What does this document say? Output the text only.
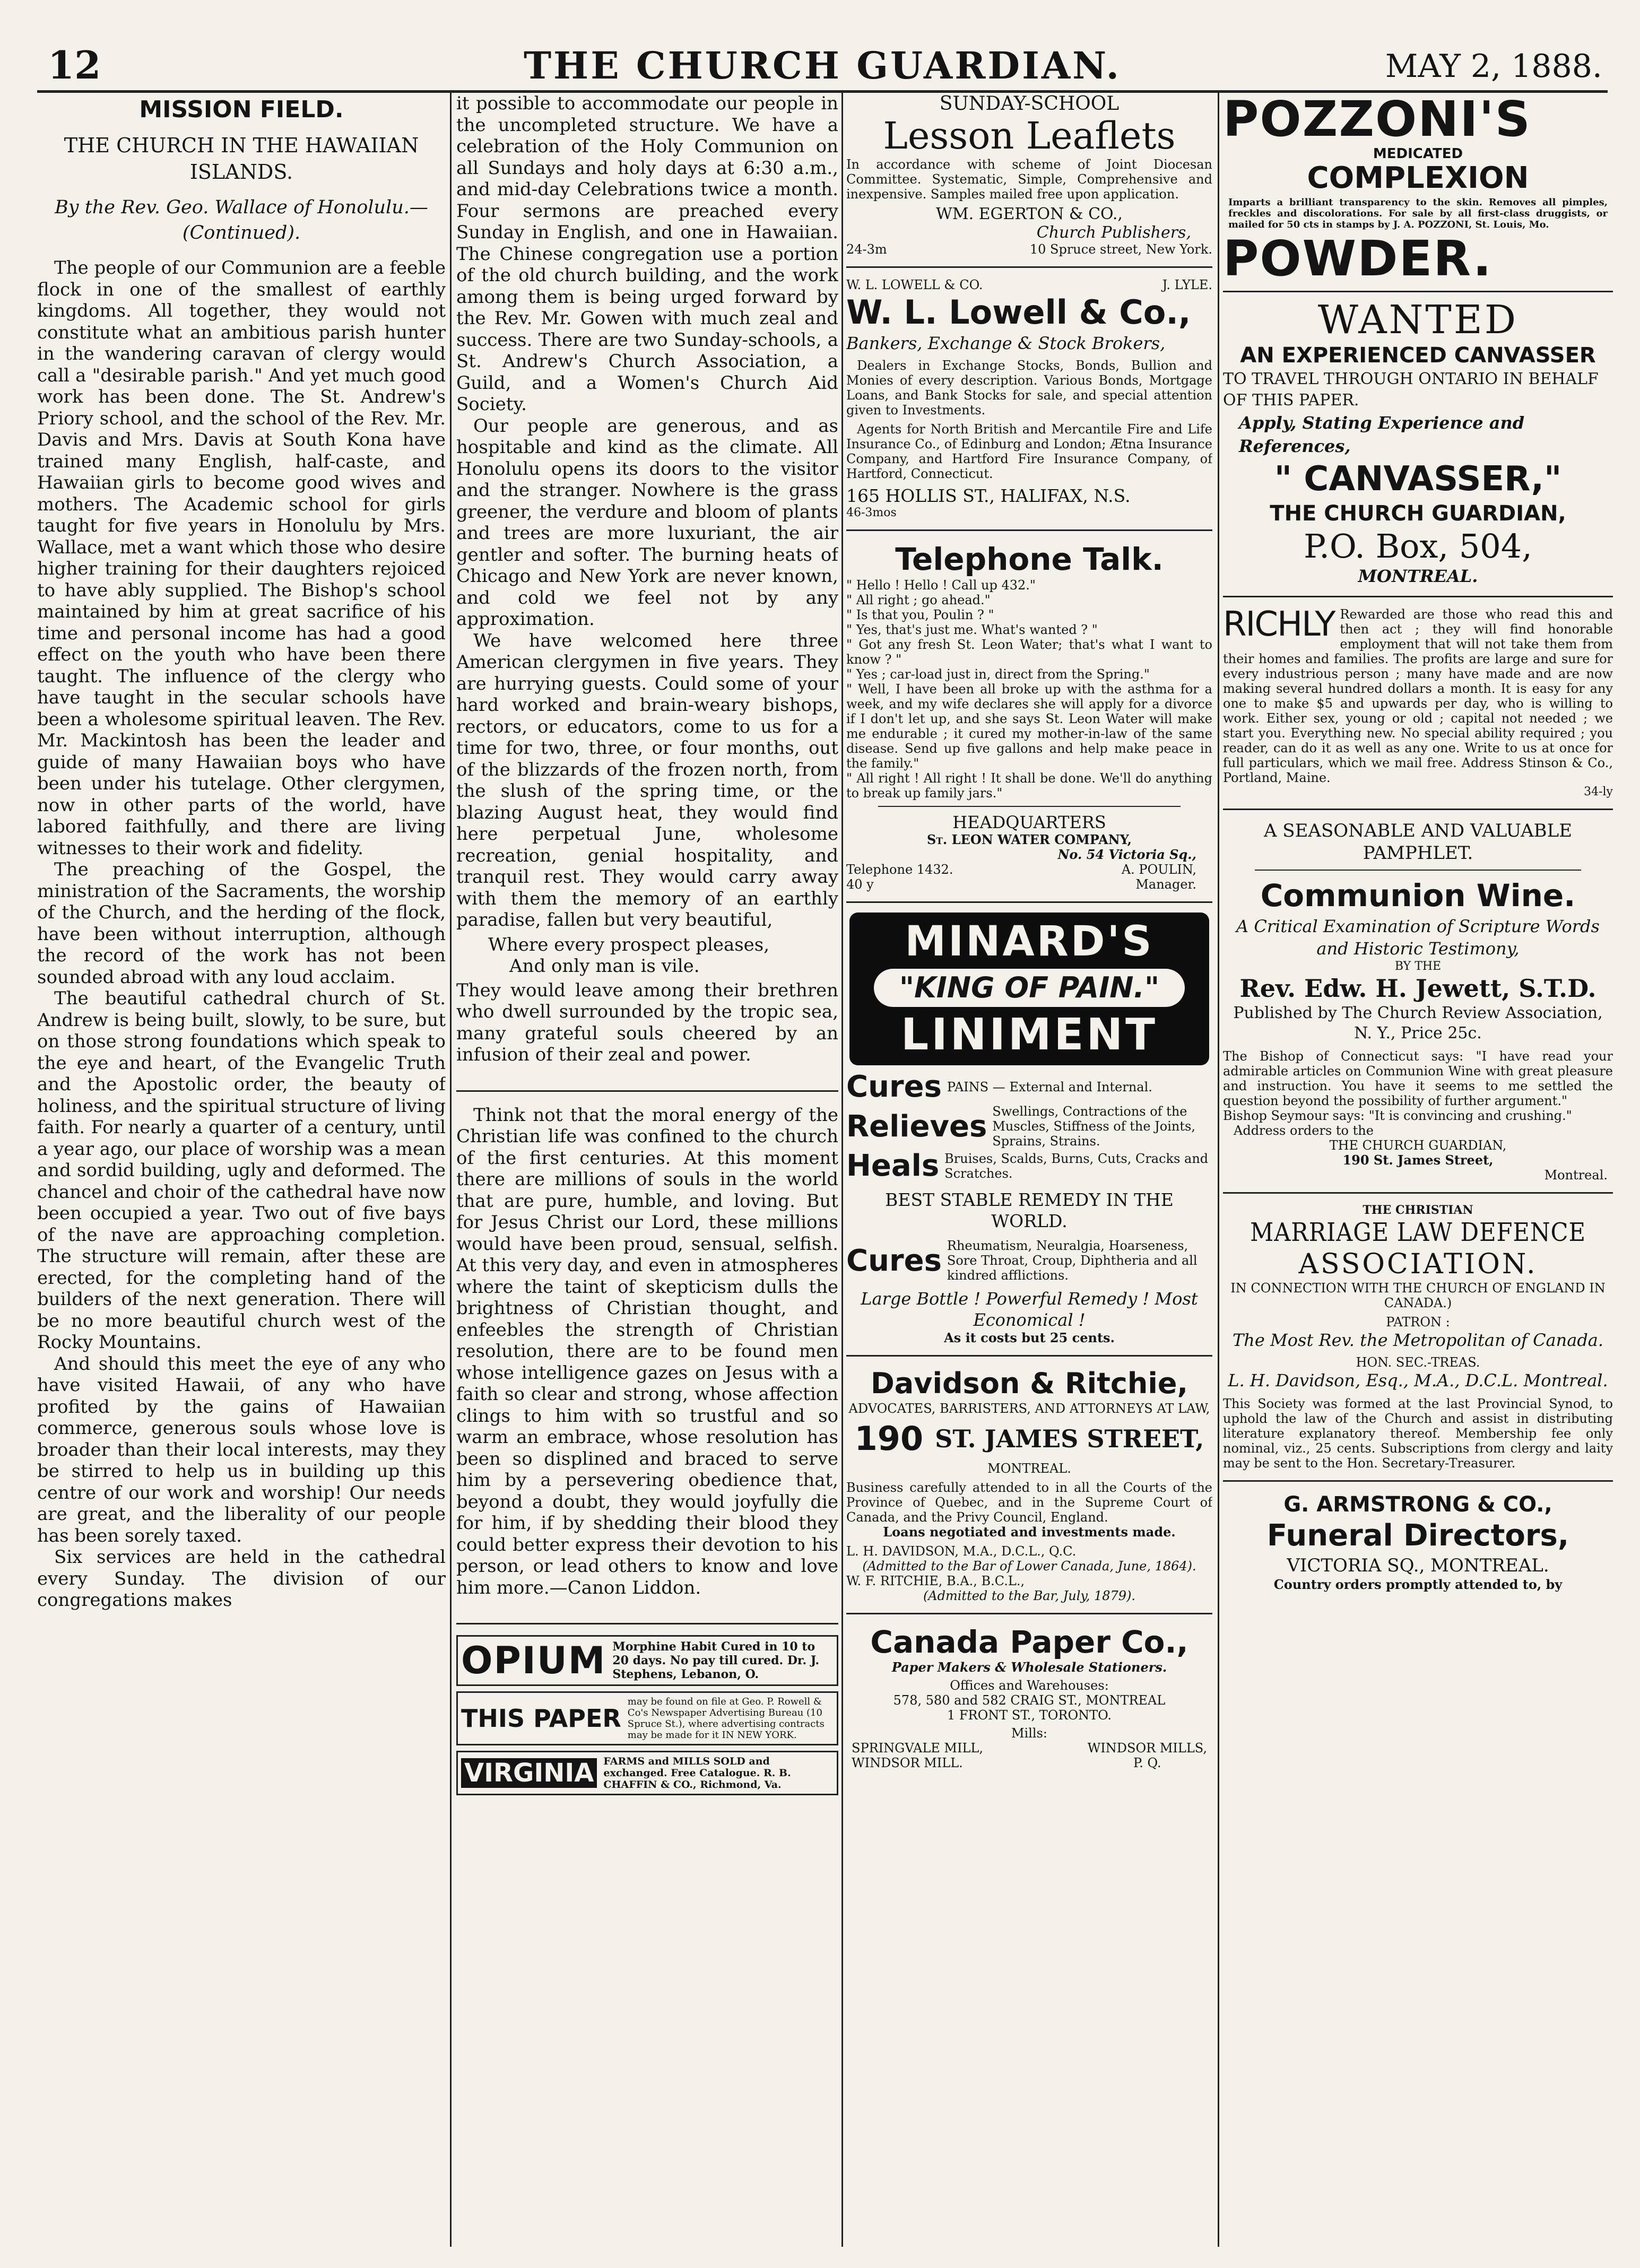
12	THE CHURCH GUARDIAN.	MAY 2, 1888.
MISSION FIELD.
THE CHURCH IN THE HAWAIIAN ISLANDS.
By the Rev. Geo. Wallace of Honolulu.—(Continued).

The people of our Communion are a feeble flock in one of the smallest of earthly kingdoms. All together, they would not constitute what an ambitious parish hunter in the wandering caravan of clergy would call a "desirable parish." And yet much good work has been done. The St. Andrew's Priory school, and the school of the Rev. Mr. Davis and Mrs. Davis at South Kona have trained many English, half-caste, and Hawaiian girls to become good wives and mothers. The Academic school for girls taught for five years in Honolulu by Mrs. Wallace, met a want which those who desire higher training for their daughters rejoiced to have ably supplied. The Bishop's school maintained by him at great sacrifice of his time and personal income has had a good effect on the youth who have been there taught. The influence of the clergy who have taught in the secular schools have been a wholesome spiritual leaven. The Rev. Mr. Mackintosh has been the leader and guide of many Hawaiian boys who have been under his tutelage. Other clergymen, now in other parts of the world, have labored faithfully, and there are living witnesses to their work and fidelity.

The preaching of the Gospel, the ministration of the Sacraments, the worship of the Church, and the herding of the flock, have been without interruption, although the record of the work has not been sounded abroad with any loud acclaim.

The beautiful cathedral church of St. Andrew is being built, slowly, to be sure, but on those strong foundations which speak to the eye and heart, of the Evangelic Truth and the Apostolic order, the beauty of holiness, and the spiritual structure of living faith. For nearly a quarter of a century, until a year ago, our place of worship was a mean and sordid building, ugly and deformed. The chancel and choir of the cathedral have now been occupied a year. Two out of five bays of the nave are approaching completion. The structure will remain, after these are erected, for the completing hand of the builders of the next generation. There will be no more beautiful church west of the Rocky Mountains.

And should this meet the eye of any who have visited Hawaii, of any who have profited by the gains of Hawaiian commerce, generous souls whose love is broader than their local interests, may they be stirred to help us in building up this centre of our work and worship! Our needs are great, and the liberality of our people has been sorely taxed.

Six services are held in the cathedral every Sunday. The division of our congregations makes

it possible to accommodate our people in the uncompleted structure. We have a celebration of the Holy Communion on all Sundays and holy days at 6:30 a.m., and mid-day Celebrations twice a month. Four sermons are preached every Sunday in English, and one in Hawaiian. The Chinese congregation use a portion of the old church building, and the work among them is being urged forward by the Rev. Mr. Gowen with much zeal and success. There are two Sunday-schools, a St. Andrew's Church Association, a Guild, and a Women's Church Aid Society.

Our people are generous, and as hospitable and kind as the climate. All Honolulu opens its doors to the visitor and the stranger. Nowhere is the grass greener, the verdure and bloom of plants and trees are more luxuriant, the air gentler and softer. The burning heats of Chicago and New York are never known, and cold we feel not by any approximation.

We have welcomed here three American clergymen in five years. They are hurrying guests. Could some of your hard worked and brain-weary bishops, rectors, or educators, come to us for a time for two, three, or four months, out of the blizzards of the frozen north, from the slush of the spring time, or the blazing August heat, they would find here perpetual June, wholesome recreation, genial hospitality, and tranquil rest. They would carry away with them the memory of an earthly paradise, fallen but very beautiful,

Where every prospect pleases,
And only man is vile.

They would leave among their brethren who dwell surrounded by the tropic sea, many grateful souls cheered by an infusion of their zeal and power.

Think not that the moral energy of the Christian life was confined to the church of the first centuries. At this moment there are millions of souls in the world that are pure, humble, and loving. But for Jesus Christ our Lord, these millions would have been proud, sensual, selfish. At this very day, and even in atmospheres where the taint of skepticism dulls the brightness of Christian thought, and enfeebles the strength of Christian resolution, there are to be found men whose intelligence gazes on Jesus with a faith so clear and strong, whose affection clings to him with so trustful and so warm an embrace, whose resolution has been so displined and braced to serve him by a persevering obedience that, beyond a doubt, they would joyfully die for him, if by shedding their blood they could better express their devotion to his person, or lead others to know and love him more.—Canon Liddon.

OPIUM Morphine Habit Cured in 10 to 20 days. No pay till cured. Dr. J. Stephens, Lebanon, O.
THIS PAPER
may be found on file at Geo. P. Rowell & Co's Newspaper Advertising Bureau (10 Spruce St.), where advertising contracts may be made for it IN NEW YORK.
VIRGINIA FARMS and MILLS SOLD and exchanged. Free Catalogue. R. B. CHAFFIN & CO., Richmond, Va.
SUNDAY-SCHOOL
Lesson Leaflets

In accordance with scheme of Joint Diocesan Committee. Systematic, Simple, Comprehensive and inexpensive. Samples mailed free upon application.

WM. EGERTON & CO.,
Church Publishers,
24-3m	10 Spruce street, New York.
W. L. LOWELL & CO.	J. LYLE.
W. L. Lowell & Co.,
Bankers, Exchange & Stock Brokers,

Dealers in Exchange Stocks, Bonds, Bullion and Monies of every description. Various Bonds, Mortgage Loans, and Bank Stocks for sale, and special attention given to Investments.

Agents for North British and Mercantile Fire and Life Insurance Co., of Edinburg and London; Ætna Insurance Company, and Hartford Fire Insurance Company, of Hartford, Connecticut.

165 HOLLIS ST., HALIFAX, N.S.
46-3mos
Telephone Talk.

" Hello ! Hello ! Call up 432."

" All right ; go ahead."

" Is that you, Poulin ? "

" Yes, that's just me. What's wanted ? "

" Got any fresh St. Leon Water; that's what I want to know ? "

" Yes ; car-load just in, direct from the Spring."

" Well, I have been all broke up with the asthma for a week, and my wife declares she will apply for a divorce if I don't let up, and she says St. Leon Water will make me endurable ; it cured my mother-in-law of the same disease. Send up five gallons and help make peace in the family."

" All right ! All right ! It shall be done. We'll do anything to break up family jars."

HEADQUARTERS
St. LEON WATER COMPANY,
No. 54 Victoria Sq.,
Telephone 1432.
40 y
A. POULIN,
Manager.
MINARD'S
"KING OF PAIN."
LINIMENT
Cures PAINS — External and Internal.
Relieves Swellings, Contractions of the Muscles, Stiffness of the Joints, Sprains, Strains.
Heals Bruises, Scalds, Burns, Cuts, Cracks and Scratches.
BEST STABLE REMEDY IN THE WORLD.
Cures Rheumatism, Neuralgia, Hoarseness, Sore Throat, Croup, Diphtheria and all kindred afflictions.
Large Bottle ! Powerful Remedy ! Most Economical !
As it costs but 25 cents.
Davidson & Ritchie,
ADVOCATES, BARRISTERS, AND ATTORNEYS AT LAW,
190 ST. JAMES STREET,
MONTREAL.

Business carefully attended to in all the Courts of the Province of Quebec, and in the Supreme Court of Canada, and the Privy Council, England.

Loans negotiated and investments made.
L. H. DAVIDSON, M.A., D.C.L., Q.C.
(Admitted to the Bar of Lower Canada, June, 1864).
W. F. RITCHIE, B.A., B.C.L.,
(Admitted to the Bar, July, 1879).
Canada Paper Co.,
Paper Makers & Wholesale Stationers.
Offices and Warehouses:
578, 580 and 582 CRAIG ST., MONTREAL
1 FRONT ST., TORONTO.
Mills:
SPRINGVALE MILL,
WINDSOR MILL.
WINDSOR MILLS,
P. Q.
POZZONI'S
MEDICATED
COMPLEXION

Imparts a brilliant transparency to the skin. Removes all pimples, freckles and discolorations. For sale by all first-class druggists, or mailed for 50 cts in stamps by J. A. POZZONI, St. Louis, Mo.

POWDER.
WANTED
AN EXPERIENCED CANVASSER
TO TRAVEL THROUGH ONTARIO IN BEHALF OF THIS PAPER.
Apply, Stating Experience and References,
" CANVASSER,"
THE CHURCH GUARDIAN,
P.O. Box, 504,
MONTREAL.

RICHLY Rewarded are those who read this and then act ; they will find honorable employment that will not take them from their homes and families. The profits are large and sure for every industrious person ; many have made and are now making several hundred dollars a month. It is easy for any one to make $5 and upwards per day, who is willing to work. Either sex, young or old ; capital not needed ; we start you. Everything new. No special ability required ; you reader, can do it as well as any one. Write to us at once for full particulars, which we mail free. Address Stinson & Co., Portland, Maine.

34-ly
A SEASONABLE AND VALUABLE PAMPHLET.
Communion Wine.
A Critical Examination of Scripture Words and Historic Testimony,
BY THE
Rev. Edw. H. Jewett, S.T.D.
Published by The Church Review Association, N. Y., Price 25c.

The Bishop of Connecticut says: "I have read your admirable articles on Communion Wine with great pleasure and instruction. You have it seems to me settled the question beyond the possibility of further argument."

Bishop Seymour says: "It is convincing and crushing."

Address orders to the
THE CHURCH GUARDIAN,
190 St. James Street,
Montreal.
THE CHRISTIAN
MARRIAGE LAW DEFENCE
ASSOCIATION.
IN CONNECTION WITH THE CHURCH OF ENGLAND IN CANADA.)
PATRON :
The Most Rev. the Metropolitan of Canada.
HON. SEC.-TREAS.
L. H. Davidson, Esq., M.A., D.C.L. Montreal.

This Society was formed at the last Provincial Synod, to uphold the law of the Church and assist in distributing literature explanatory thereof. Membership fee only nominal, viz., 25 cents. Subscriptions from clergy and laity may be sent to the Hon. Secretary-Treasurer.

G. ARMSTRONG & CO.,
Funeral Directors,
VICTORIA SQ., MONTREAL.
Country orders promptly attended to, by
